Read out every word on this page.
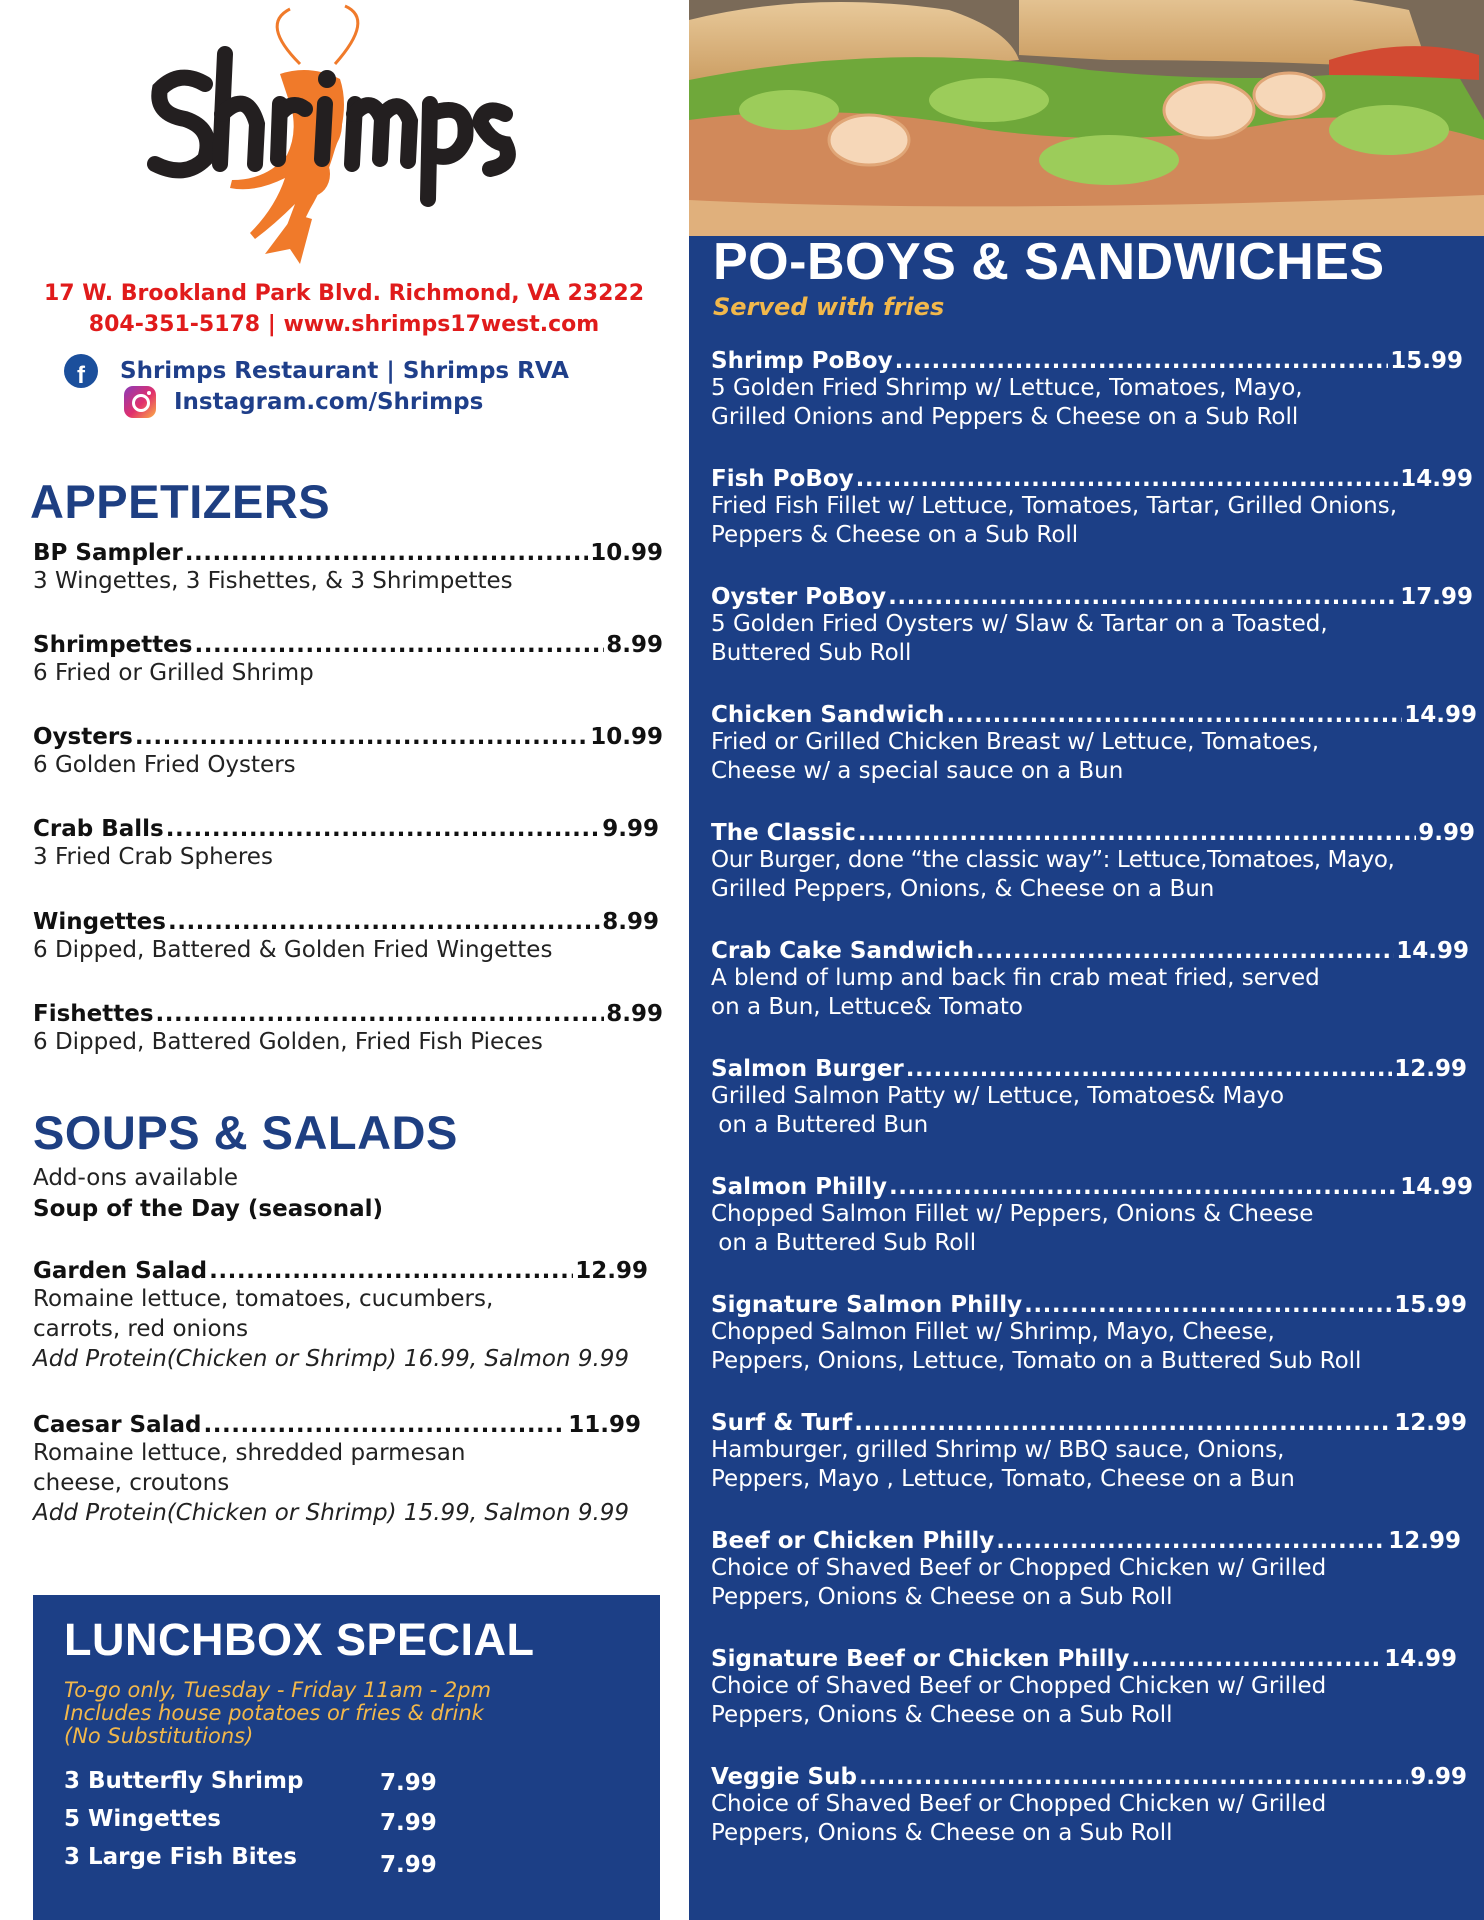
17 W. Brookland Park Blvd. Richmond, VA 23222
804-351-5178 | www.shrimps17west.com
f	Shrimps Restaurant | Shrimps RVA
Instagram.com/Shrimps
APPETIZERS
BP Sampler .....	10.99
3 Wingettes, 3 Fishettes, & 3 Shrimpettes
Shrimpettes .....	8.99
6 Fried or Grilled Shrimp
Oysters .....	10.99
6 Golden Fried Oysters
Crab Balls .....	9.99
3 Fried Crab Spheres
Wingettes .....	8.99
6 Dipped, Battered & Golden Fried Wingettes
Fishettes .....	8.99
6 Dipped, Battered Golden, Fried Fish Pieces
SOUPS & SALADS
Add-ons available
Soup of the Day (seasonal)
Garden Salad .....	12.99
Romaine lettuce, tomatoes, cucumbers,
carrots, red onions
Add Protein(Chicken or Shrimp) 16.99, Salmon 9.99
Caesar Salad .....	11.99
Romaine lettuce, shredded parmesan
cheese, croutons
Add Protein(Chicken or Shrimp) 15.99, Salmon 9.99
LUNCHBOX SPECIAL
To-go only, Tuesday - Friday 11am - 2pm
Includes house potatoes or fries & drink
(No Substitutions)
3 Butterfly Shrimp	7.99
5 Wingettes	7.99
3 Large Fish Bites	7.99
PO-BOYS & SANDWICHES
Served with fries
Shrimp PoBoy .....	15.99
5 Golden Fried Shrimp w/ Lettuce, Tomatoes, Mayo,
Grilled Onions and Peppers & Cheese on a Sub Roll
Fish PoBoy .....	14.99
Fried Fish Fillet w/ Lettuce, Tomatoes, Tartar, Grilled Onions,
Peppers & Cheese on a Sub Roll
Oyster PoBoy .....	17.99
5 Golden Fried Oysters w/ Slaw & Tartar on a Toasted,
Buttered Sub Roll
Chicken Sandwich .....	14.99
Fried or Grilled Chicken Breast w/ Lettuce, Tomatoes,
Cheese w/ a special sauce on a Bun
The Classic .....	9.99
Our Burger, done “the classic way”: Lettuce,Tomatoes, Mayo,
Grilled Peppers, Onions, & Cheese on a Bun
Crab Cake Sandwich .....	14.99
A blend of lump and back fin crab meat fried, served
on a Bun, Lettuce& Tomato
Salmon Burger .....	12.99
Grilled Salmon Patty w/ Lettuce, Tomatoes& Mayo
on a Buttered Bun
Salmon Philly .....	14.99
Chopped Salmon Fillet w/ Peppers, Onions & Cheese
on a Buttered Sub Roll
Signature Salmon Philly .....	15.99
Chopped Salmon Fillet w/ Shrimp, Mayo, Cheese,
Peppers, Onions, Lettuce, Tomato on a Buttered Sub Roll
Surf & Turf .....	12.99
Hamburger, grilled Shrimp w/ BBQ sauce, Onions,
Peppers, Mayo , Lettuce, Tomato, Cheese on a Bun
Beef or Chicken Philly .....	12.99
Choice of Shaved Beef or Chopped Chicken w/ Grilled
Peppers, Onions & Cheese on a Sub Roll
Signature Beef or Chicken Philly .....	14.99
Choice of Shaved Beef or Chopped Chicken w/ Grilled
Peppers, Onions & Cheese on a Sub Roll
Veggie Sub .....	9.99
Choice of Shaved Beef or Chopped Chicken w/ Grilled
Peppers, Onions & Cheese on a Sub Roll
